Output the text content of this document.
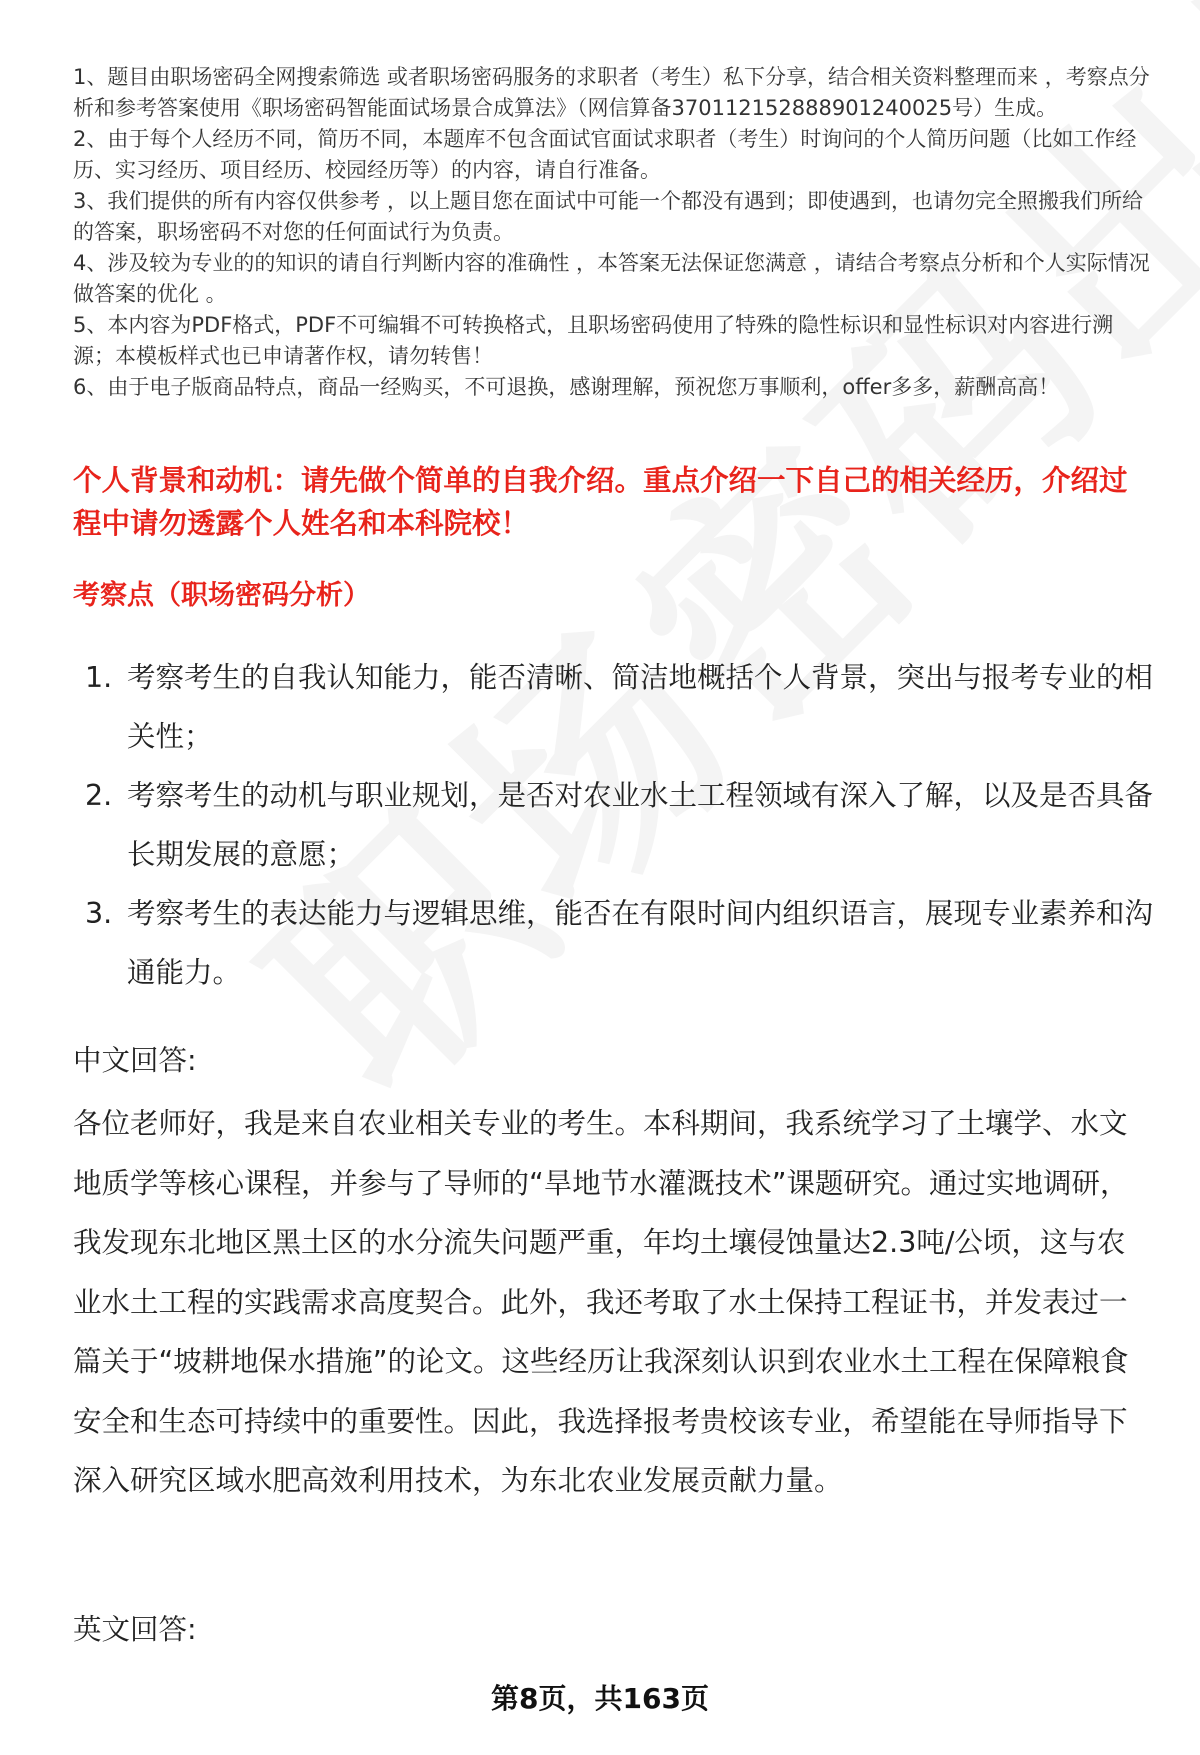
1、题目由职场密码全网搜索筛选 或者职场密码服务的求职者（考生）私下分享，结合相关资料整理而来 ，考察点分析和参考答案使用《职场密码智能面试场景合成算法》（网信算备370112152888901240025号）生成。
2、由于每个人经历不同，简历不同，本题库不包含面试官面试求职者（考生）时询问的个人简历问题（比如工作经历、实习经历、项目经历、校园经历等）的内容，请自行准备。
3、我们提供的所有内容仅供参考 ，以上题目您在面试中可能一个都没有遇到；即使遇到，也请勿完全照搬我们所给的答案，职场密码不对您的任何面试行为负责。
4、涉及较为专业的的知识的请自行判断内容的准确性 ，本答案无法保证您满意 ，请结合考察点分析和个人实际情况做答案的优化 。
5、本内容为PDF格式，PDF不可编辑不可转换格式，且职场密码使用了特殊的隐性标识和显性标识对内容进行溯源；本模板样式也已申请著作权，请勿转售！
6、由于电子版商品特点，商品一经购买，不可退换，感谢理解，预祝您万事顺利，offer多多，薪酬高高！
个人背景和动机：请先做个简单的自我介绍。重点介绍一下自己的相关经历，介绍过程中请勿透露个人姓名和本科院校！
考察点（职场密码分析）
1. 考察考生的自我认知能力，能否清晰、简洁地概括个人背景，突出与报考专业的相关性；
2. 考察考生的动机与职业规划，是否对农业水土工程领域有深入了解，以及是否具备长期发展的意愿；
3. 考察考生的表达能力与逻辑思维，能否在有限时间内组织语言，展现专业素养和沟通能力。
中文回答:

各位老师好，我是来自农业相关专业的考生。本科期间，我系统学习了土壤学、水文地质学等核心课程，并参与了导师的“旱地节水灌溉技术”课题研究。通过实地调研，我发现东北地区黑土区的水分流失问题严重，年均土壤侵蚀量达2.3吨/公顷，这与农业水土工程的实践需求高度契合。此外，我还考取了水土保持工程证书，并发表过一篇关于“坡耕地保水措施”的论文。这些经历让我深刻认识到农业水土工程在保障粮食安全和生态可持续中的重要性。因此，我选择报考贵校该专业，希望能在导师指导下深入研究区域水肥高效利用技术，为东北农业发展贡献力量。

英文回答:
第8页，共163页
